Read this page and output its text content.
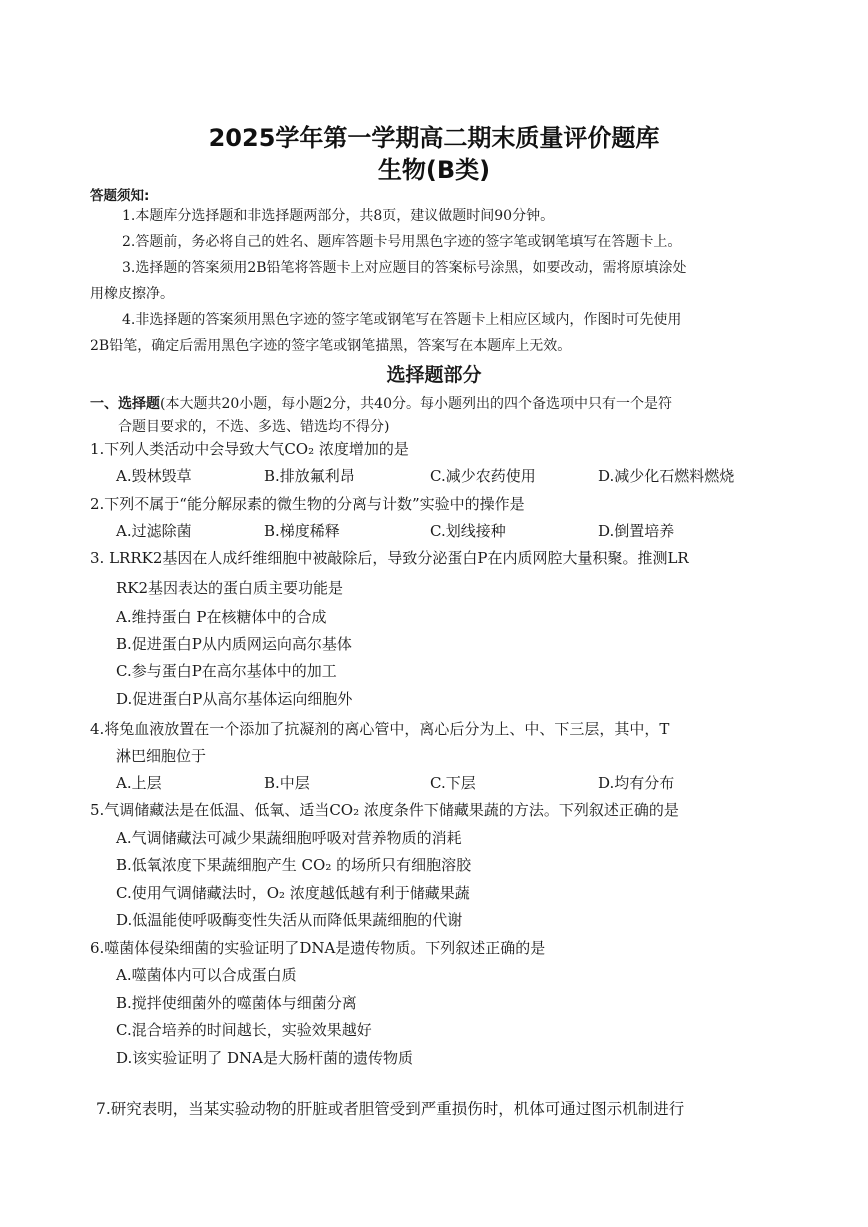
2025学年第一学期高二期末质量评价题库
生物(B类)
答题须知:
1.本题库分选择题和非选择题两部分，共8页，建议做题时间90分钟。
2.答题前，务必将自己的姓名、题库答题卡号用黑色字迹的签字笔或钢笔填写在答题卡上。
3.选择题的答案须用2B铅笔将答题卡上对应题目的答案标号涂黑，如要改动，需将原填涂处
用橡皮擦净。
4.非选择题的答案须用黑色字迹的签字笔或钢笔写在答题卡上相应区域内，作图时可先使用
2B铅笔，确定后需用黑色字迹的签字笔或钢笔描黑，答案写在本题库上无效。
选择题部分
一、选择题(本大题共20小题，每小题2分，共40分。每小题列出的四个备选项中只有一个是符
合题目要求的，不选、多选、错选均不得分)
1.下列人类活动中会导致大气CO₂ 浓度增加的是
A.毁林毁草	B.排放氟利昂	C.减少农药使用	D.减少化石燃料燃烧
2.下列不属于“能分解尿素的微生物的分离与计数”实验中的操作是
A.过滤除菌	B.梯度稀释	C.划线接种	D.倒置培养
3. LRRK2基因在人成纤维细胞中被敲除后，导致分泌蛋白P在内质网腔大量积聚。推测LR
RK2基因表达的蛋白质主要功能是
A.维持蛋白 P在核糖体中的合成
B.促进蛋白P从内质网运向高尔基体
C.参与蛋白P在高尔基体中的加工
D.促进蛋白P从高尔基体运向细胞外
4.将兔血液放置在一个添加了抗凝剂的离心管中，离心后分为上、中、下三层，其中，T
淋巴细胞位于
A.上层	B.中层	C.下层	D.均有分布
5.气调储藏法是在低温、低氧、适当CO₂ 浓度条件下储藏果蔬的方法。下列叙述正确的是
A.气调储藏法可减少果蔬细胞呼吸对营养物质的消耗
B.低氧浓度下果蔬细胞产生 CO₂ 的场所只有细胞溶胶
C.使用气调储藏法时，O₂ 浓度越低越有利于储藏果蔬
D.低温能使呼吸酶变性失活从而降低果蔬细胞的代谢
6.噬菌体侵染细菌的实验证明了DNA是遗传物质。下列叙述正确的是
A.噬菌体内可以合成蛋白质
B.搅拌使细菌外的噬菌体与细菌分离
C.混合培养的时间越长，实验效果越好
D.该实验证明了 DNA是大肠杆菌的遗传物质
7.研究表明，当某实验动物的肝脏或者胆管受到严重损伤时，机体可通过图示机制进行
